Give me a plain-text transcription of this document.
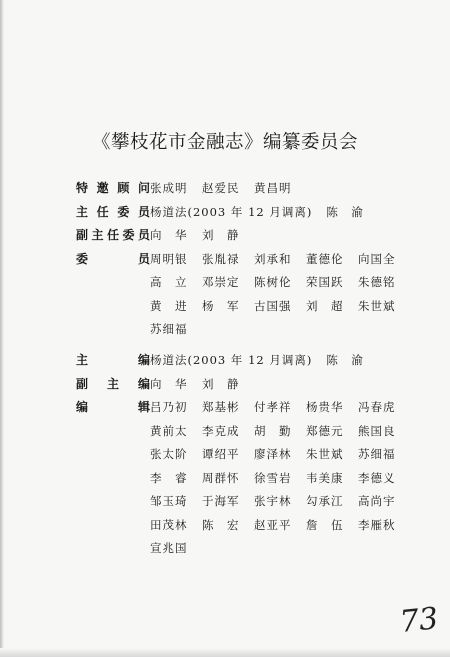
《攀枝花市金融志》编纂委员会
特 邀 顾 问 张成明	赵爱民	黄昌明
主 任 委 员 杨道法(2003 年 12 月调离) 陈　渝
副 主 任 委 员 向　华	刘　静
委	员 周明银	张胤禄	刘承和	董德伦	向国全
高　立	邓崇定	陈树伦	荣国跃	朱德铭
黄　进	杨　军	古国强	刘　超	朱世斌
苏细福
主	编 杨道法(2003 年 12 月调离) 陈　渝
副 主 编 向　华	刘　静
编	辑 吕乃初	郑基彬	付孝祥	杨贵华	冯春虎
黄前太	李克成	胡　勤	郑德元	熊国良
张太阶	谭绍平	廖泽林	朱世斌	苏细福
李　睿	周群怀	徐雪岩	韦美康	李德义
邹玉琦	于海军	张宇林	勾承江	高尚宇
田茂林	陈　宏	赵亚平	詹　伍	李雁秋
宣兆国
73
